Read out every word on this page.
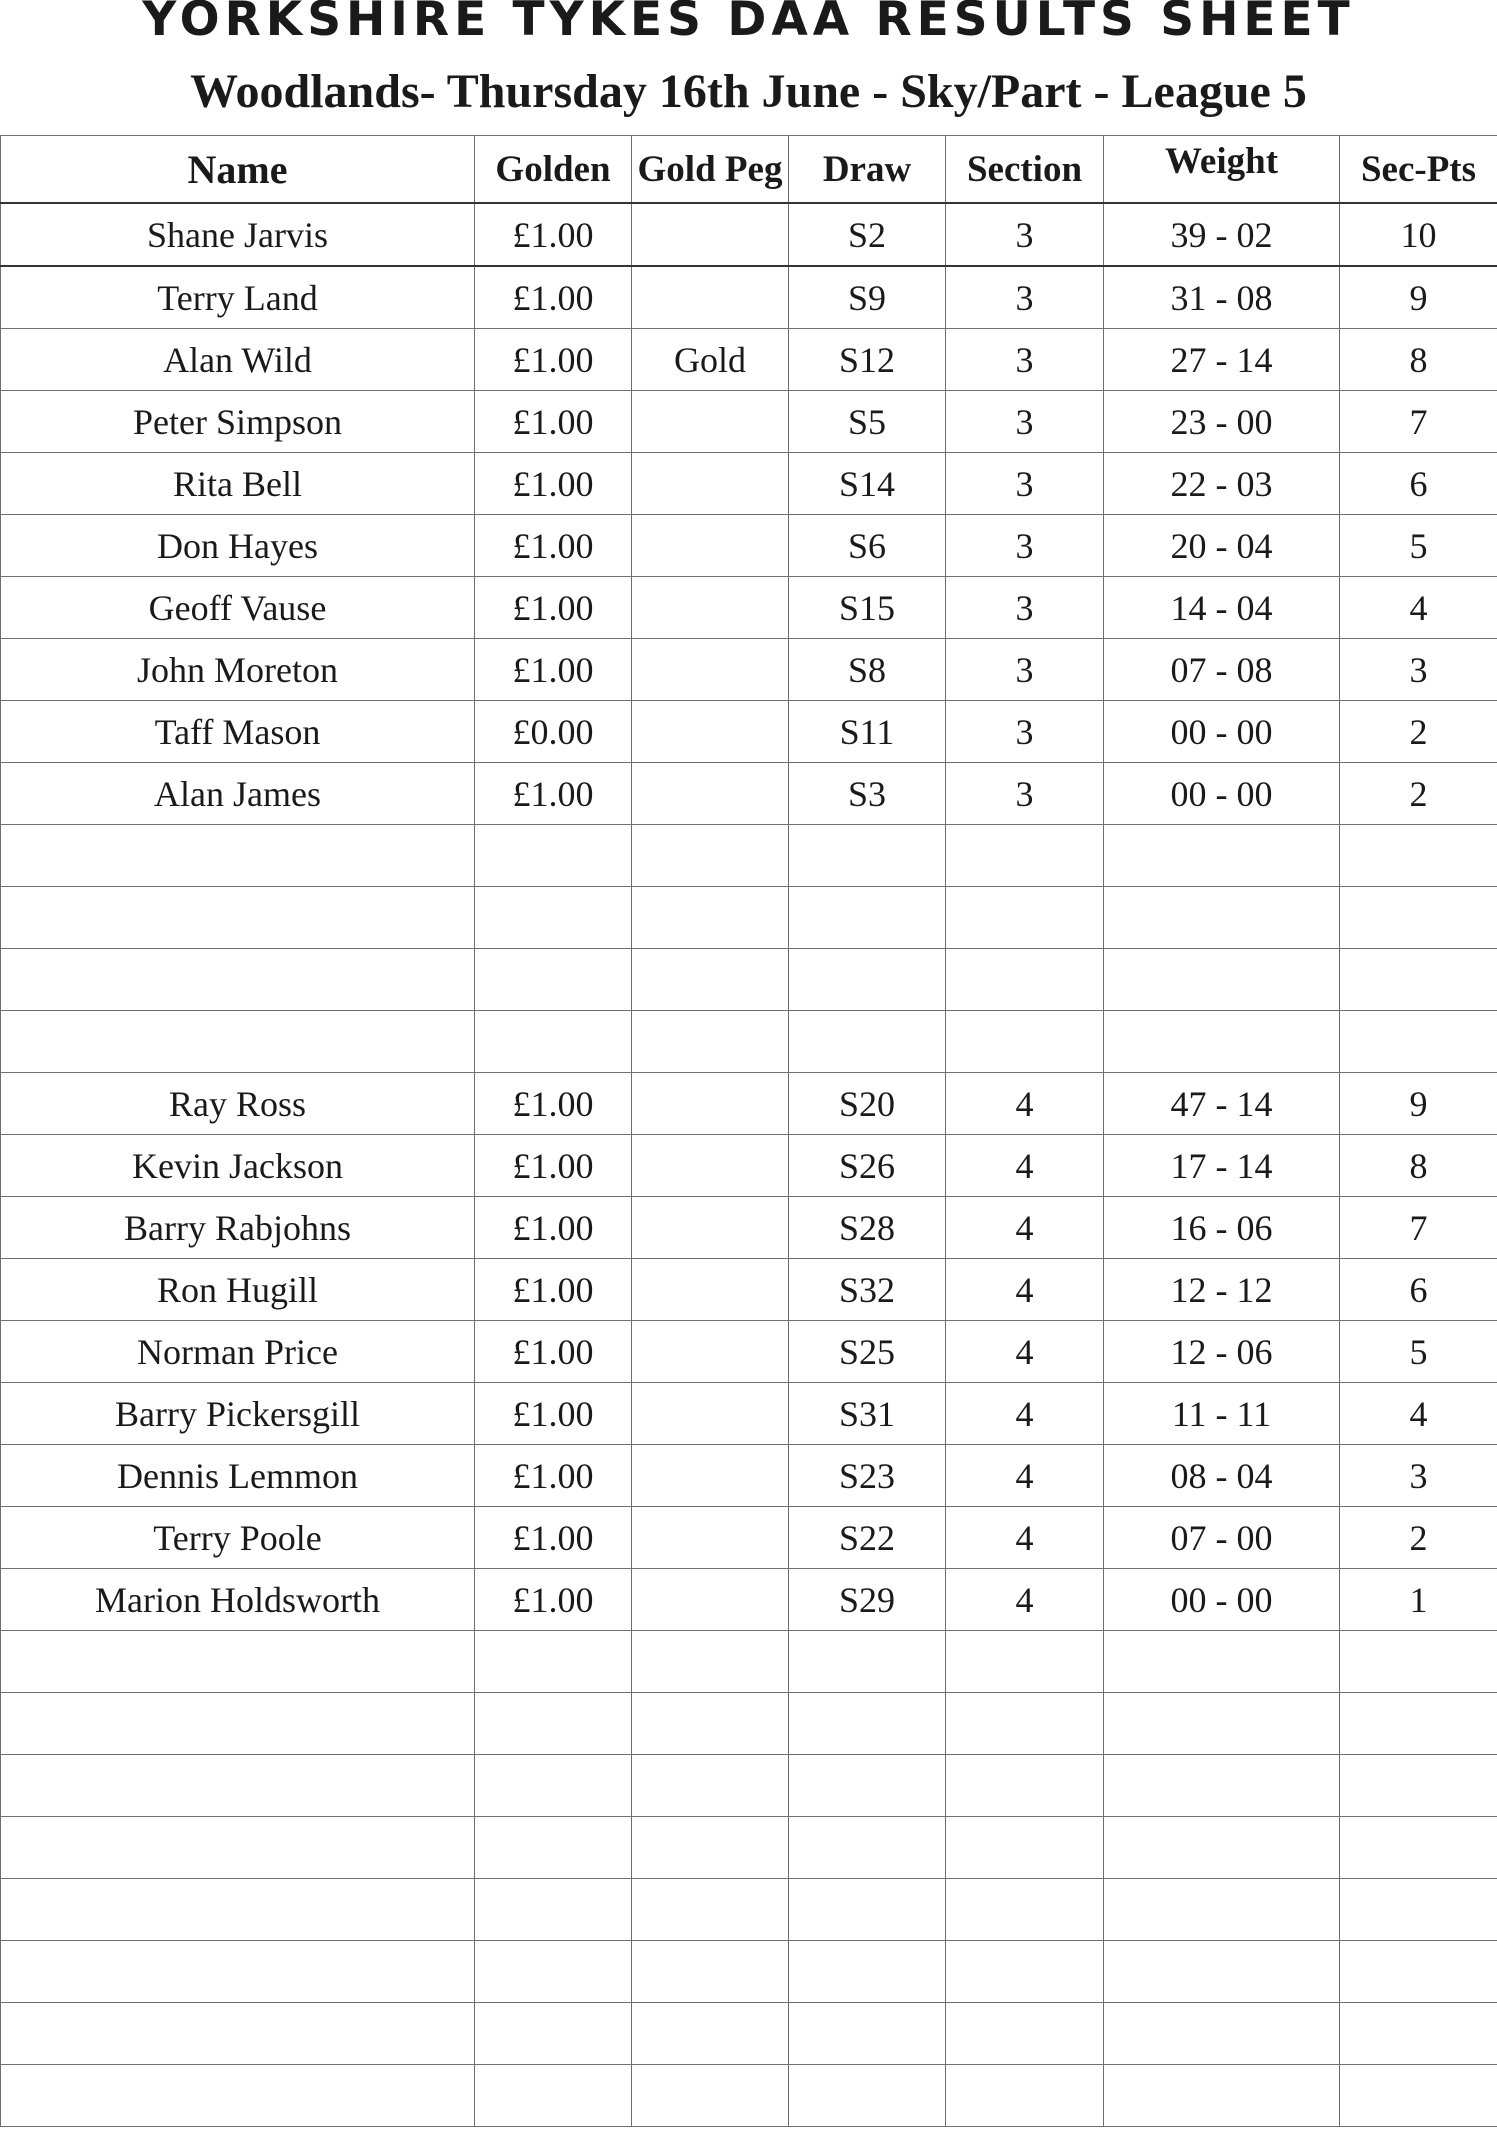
YORKSHIRE TYKES DAA RESULTS SHEET
Woodlands- Thursday 16th June - Sky/Part - League 5
Name	Golden	Gold Peg	Draw	Section	Weight	Sec-Pts
Shane Jarvis	£1.00		S2	3	39 - 02	10
Terry Land	£1.00		S9	3	31 - 08	9
Alan Wild	£1.00	Gold	S12	3	27 - 14	8
Peter Simpson	£1.00		S5	3	23 - 00	7
Rita Bell	£1.00		S14	3	22 - 03	6
Don Hayes	£1.00		S6	3	20 - 04	5
Geoff Vause	£1.00		S15	3	14 - 04	4
John Moreton	£1.00		S8	3	07 - 08	3
Taff Mason	£0.00		S11	3	00 - 00	2
Alan James	£1.00		S3	3	00 - 00	2

Ray Ross	£1.00		S20	4	47 - 14	9
Kevin Jackson	£1.00		S26	4	17 - 14	8
Barry Rabjohns	£1.00		S28	4	16 - 06	7
Ron Hugill	£1.00		S32	4	12 - 12	6
Norman Price	£1.00		S25	4	12 - 06	5
Barry Pickersgill	£1.00		S31	4	11 - 11	4
Dennis Lemmon	£1.00		S23	4	08 - 04	3
Terry Poole	£1.00		S22	4	07 - 00	2
Marion Holdsworth	£1.00		S29	4	00 - 00	1
